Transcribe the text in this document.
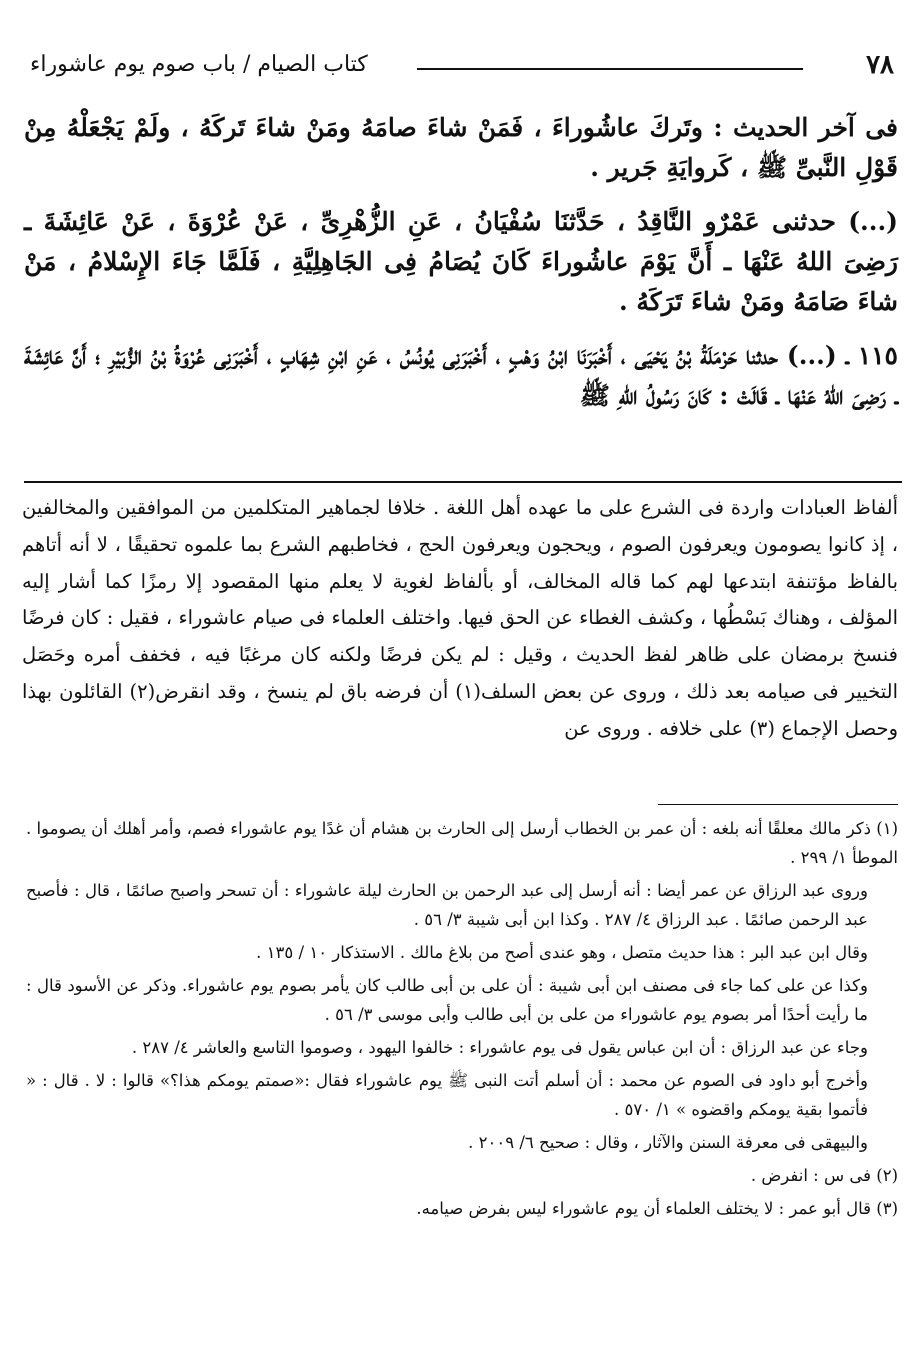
٧٨
كتاب الصيام / باب صوم يوم عاشوراء

فى آخر الحديث : وتَركَ عاشُوراءَ ، فَمَنْ شاءَ صامَهُ ومَنْ شاءَ تَركَهُ ، ولَمْ يَجْعَلْهُ مِنْ قَوْلِ النَّبىِّ ﷺ ، كَروايَةِ جَرير .

(...) حدثنى عَمْرٌو النَّاقِدُ ، حَدَّثنَا سُفْيَانُ ، عَنِ الزُّهْرِىِّ ، عَنْ عُرْوَةَ ، عَنْ عَائِشَةَ ـ رَضِىَ اللهُ عَنْهَا ـ أَنَّ يَوْمَ عاشُوراءَ كَانَ يُصَامُ فِى الجَاهِلِيَّةِ ، فَلَمَّا جَاءَ الإِسْلامُ ، مَنْ شاءَ صَامَهُ ومَنْ شاءَ تَرَكَهُ .

١١٥ ـ (...) حدثنا حَرْمَلَةُ بْنُ يَحْيَى ، أَخْبَرَنَا ابْنُ وَهْبٍ ، أَخْبَرَنِى يُونُسُ ، عَنِ ابْنِ شِهَابٍ ، أَخْبَرَنِى عُرْوَةُ بْنُ الزُّبَيْرِ ؛ أَنَّ عَائِشَةَ ـ رَضِىَ اللهُ عَنْهَا ـ قَالَتْ : كَانَ رَسُولُ اللهِ ﷺ

ألفاظ العبادات واردة فى الشرع على ما عهده أهل اللغة . خلافا لجماهير المتكلمين من الموافقين والمخالفين ، إذ كانوا يصومون ويعرفون الصوم ، ويحجون ويعرفون الحج ، فخاطبهم الشرع بما علموه تحقيقًا ، لا أنه أتاهم بالفاظ مؤتنفة ابتدعها لهم كما قاله المخالف، أو بألفاظ لغوية لا يعلم منها المقصود إلا رمزًا كما أشار إليه المؤلف ، وهناك بَسْطُها ، وكشف الغطاء عن الحق فيها. واختلف العلماء فى صيام عاشوراء ، فقيل : كان فرضًا فنسخ برمضان على ظاهر لفظ الحديث ، وقيل : لم يكن فرضًا ولكنه كان مرغبًا فيه ، فخفف أمره وحَصَل التخيير فى صيامه بعد ذلك ، وروى عن بعض السلف(١) أن فرضه باق لم ينسخ ، وقد انقرض(٢) القائلون بهذا وحصل الإجماع (٣) على خلافه . وروى عن

(١) ذكر مالك معلقًا أنه بلغه : أن عمر بن الخطاب أرسل إلى الحارث بن هشام أن غدًا يوم عاشوراء فصم، وأمر أهلك أن يصوموا . الموطأ ١/ ٢٩٩ .

وروى عبد الرزاق عن عمر أيضا : أنه أرسل إلى عبد الرحمن بن الحارث ليلة عاشوراء : أن تسحر واصبح صائمًا ، قال : فأصبح عبد الرحمن صائمًا . عبد الرزاق ٤/ ٢٨٧ . وكذا ابن أبى شيبة ٣/ ٥٦ .

وقال ابن عبد البر : هذا حديث متصل ، وهو عندى أصح من بلاغ مالك . الاستذكار ١٠ / ١٣٥ .

وكذا عن على كما جاء فى مصنف ابن أبى شيبة : أن على بن أبى طالب كان يأمر بصوم يوم عاشوراء. وذكر عن الأسود قال : ما رأيت أحدًا أمر بصوم يوم عاشوراء من على بن أبى طالب وأبى موسى ٣/ ٥٦ .

وجاء عن عبد الرزاق : أن ابن عباس يقول فى يوم عاشوراء : خالفوا اليهود ، وصوموا التاسع والعاشر ٤/ ٢٨٧ .

وأخرج أبو داود فى الصوم عن محمد : أن أسلم أتت النبى ﷺ يوم عاشوراء فقال :«صمتم يومكم هذا؟» قالوا : لا . قال : « فأتموا بقية يومكم واقضوه » ١/ ٥٧٠ .

والبيهقى فى معرفة السنن والآثار ، وقال : صحيح ٦/ ٢٠٠٩ .

(٢) فى س : انفرض .

(٣) قال أبو عمر : لا يختلف العلماء أن يوم عاشوراء ليس بفرض صيامه.
